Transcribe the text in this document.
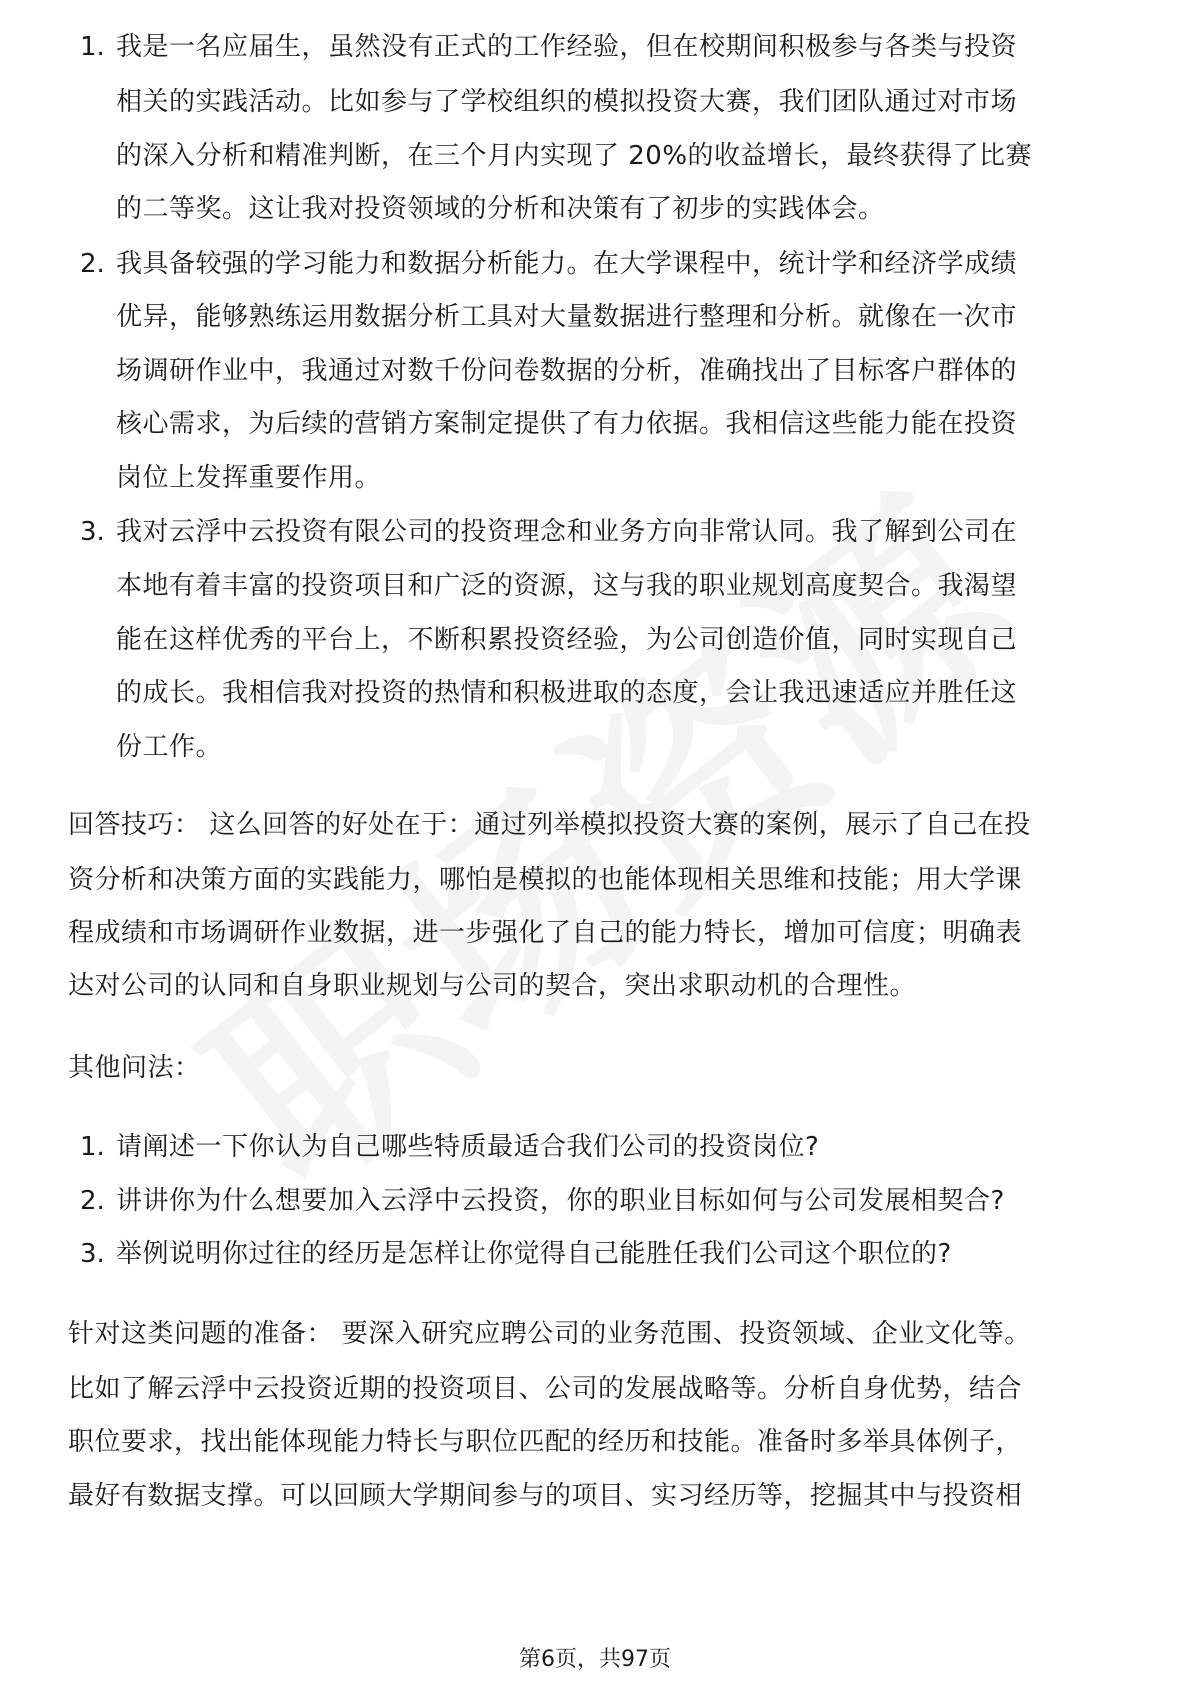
1. 我是一名应届生，虽然没有正式的工作经验，但在校期间积极参与各类与投资
相关的实践活动。比如参与了学校组织的模拟投资大赛，我们团队通过对市场
的深入分析和精准判断，在三个月内实现了 20%的收益增长，最终获得了比赛
的二等奖。这让我对投资领域的分析和决策有了初步的实践体会。
2. 我具备较强的学习能力和数据分析能力。在大学课程中，统计学和经济学成绩
优异，能够熟练运用数据分析工具对大量数据进行整理和分析。就像在一次市
场调研作业中，我通过对数千份问卷数据的分析，准确找出了目标客户群体的
核心需求，为后续的营销方案制定提供了有力依据。我相信这些能力能在投资
岗位上发挥重要作用。
3. 我对云浮中云投资有限公司的投资理念和业务方向非常认同。我了解到公司在
本地有着丰富的投资项目和广泛的资源，这与我的职业规划高度契合。我渴望
能在这样优秀的平台上，不断积累投资经验，为公司创造价值，同时实现自己
的成长。我相信我对投资的热情和积极进取的态度，会让我迅速适应并胜任这
份工作。
回答技巧： 这么回答的好处在于：通过列举模拟投资大赛的案例，展示了自己在投
资分析和决策方面的实践能力，哪怕是模拟的也能体现相关思维和技能；用大学课
程成绩和市场调研作业数据，进一步强化了自己的能力特长，增加可信度；明确表
达对公司的认同和自身职业规划与公司的契合，突出求职动机的合理性。
其他问法：
1. 请阐述一下你认为自己哪些特质最适合我们公司的投资岗位?
2. 讲讲你为什么想要加入云浮中云投资，你的职业目标如何与公司发展相契合?
3. 举例说明你过往的经历是怎样让你觉得自己能胜任我们公司这个职位的?
针对这类问题的准备： 要深入研究应聘公司的业务范围、投资领域、企业文化等。
比如了解云浮中云投资近期的投资项目、公司的发展战略等。分析自身优势，结合
职位要求，找出能体现能力特长与职位匹配的经历和技能。准备时多举具体例子，
最好有数据支撑。可以回顾大学期间参与的项目、实习经历等，挖掘其中与投资相
第6页，共97页
